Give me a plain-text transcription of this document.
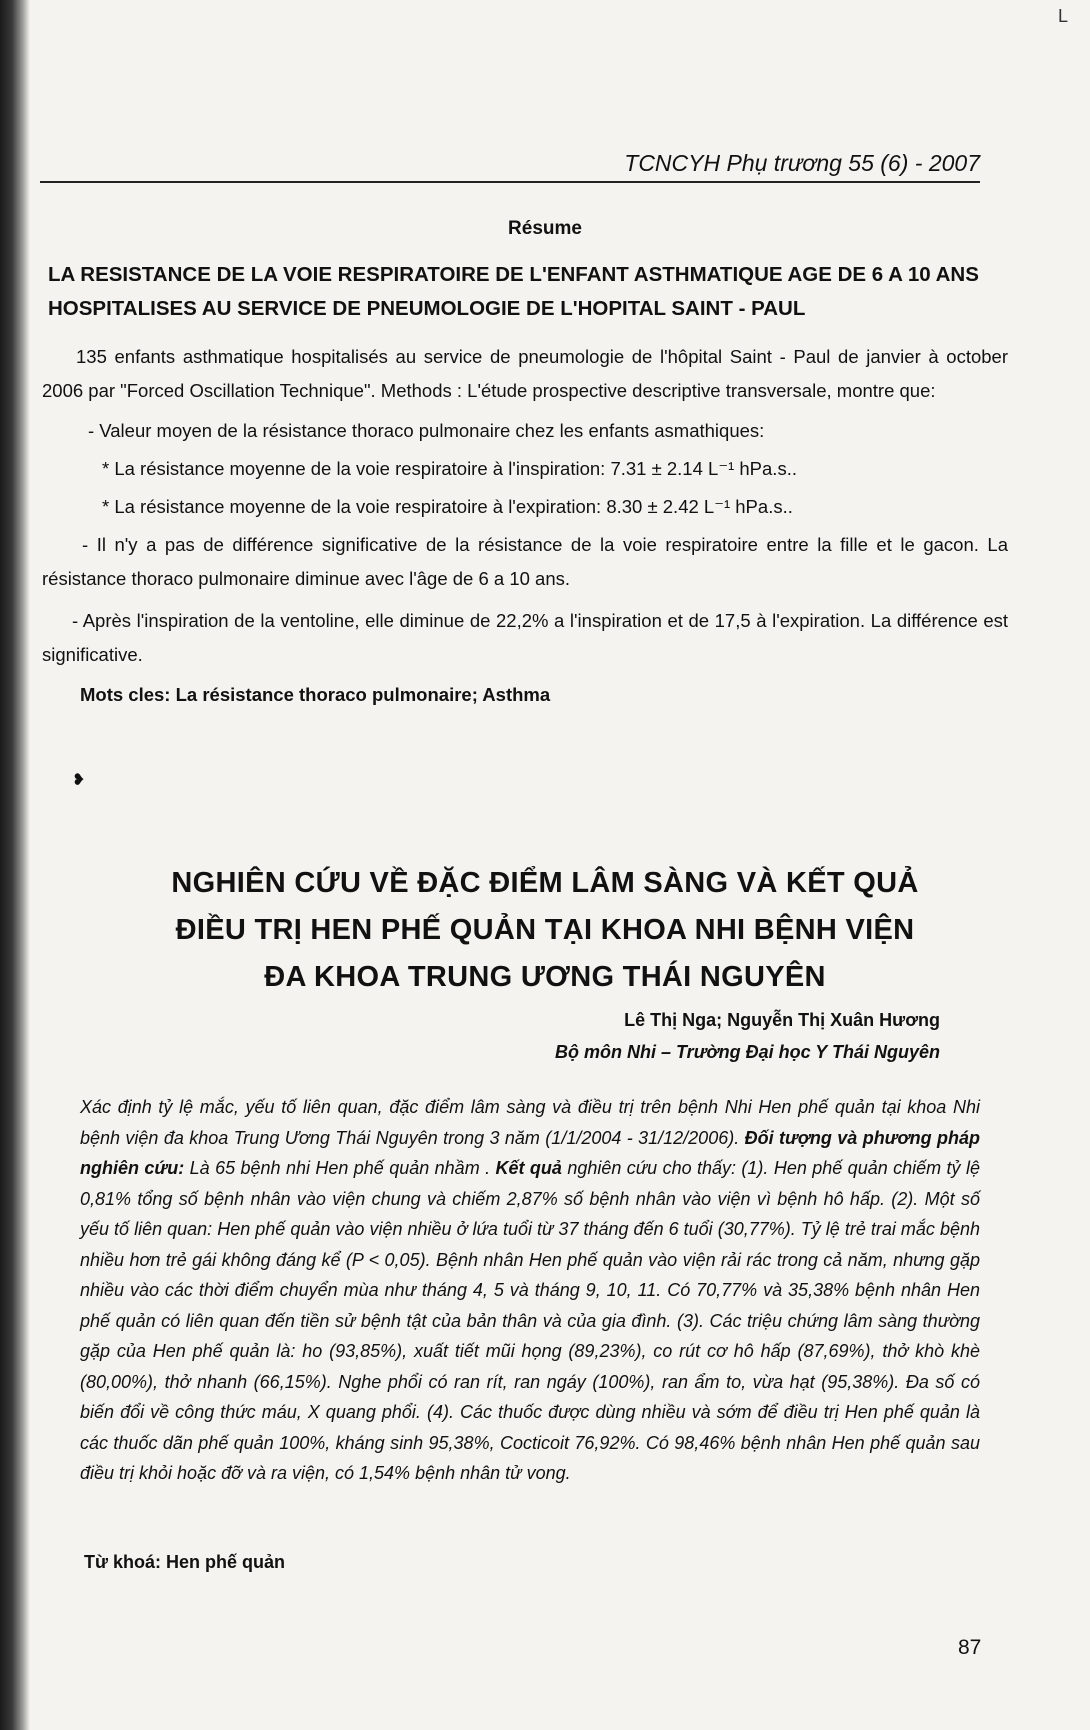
L
TCNCYH Phụ trương 55 (6) - 2007
Résume

LA RESISTANCE DE LA VOIE RESPIRATOIRE DE L'ENFANT ASTHMATIQUE AGE DE 6 A 10 ANS HOSPITALISES AU SERVICE DE PNEUMOLOGIE DE L'HOPITAL SAINT - PAUL

135 enfants asthmatique hospitalisés au service de pneumologie de l'hôpital Saint - Paul de janvier à october 2006 par "Forced Oscillation Technique". Methods : L'étude prospective descriptive transversale, montre que:

- Valeur moyen de la résistance thoraco pulmonaire chez les enfants asmathiques:

* La résistance moyenne de la voie respiratoire à l'inspiration: 7.31 ± 2.14 L⁻¹ hPa.s..

* La résistance moyenne de la voie respiratoire à l'expiration: 8.30 ± 2.42 L⁻¹ hPa.s..

- Il n'y a pas de différence significative de la résistance de la voie respiratoire entre la fille et le gacon. La résistance thoraco pulmonaire diminue avec l'âge de 6 a 10 ans.

- Après l'inspiration de la ventoline, elle diminue de 22,2% a l'inspiration et de 17,5 à l'expiration. La différence est significative.

Mots cles: La résistance thoraco pulmonaire; Asthma

❥
NGHIÊN CỨU VỀ ĐẶC ĐIỂM LÂM SÀNG VÀ KẾT QUẢ
ĐIỀU TRỊ HEN PHẾ QUẢN TẠI KHOA NHI BỆNH VIỆN
ĐA KHOA TRUNG ƯƠNG THÁI NGUYÊN
Lê Thị Nga; Nguyễn Thị Xuân Hương
Bộ môn Nhi – Trường Đại học Y Thái Nguyên

Xác định tỷ lệ mắc, yếu tố liên quan, đặc điểm lâm sàng và điều trị trên bệnh Nhi Hen phế quản tại khoa Nhi bệnh viện đa khoa Trung Ương Thái Nguyên trong 3 năm (1/1/2004 - 31/12/2006). Đối tượng và phương pháp nghiên cứu: Là 65 bệnh nhi Hen phế quản nhầm . Kết quả nghiên cứu cho thấy: (1). Hen phế quản chiếm tỷ lệ 0,81% tổng số bệnh nhân vào viện chung và chiếm 2,87% số bệnh nhân vào viện vì bệnh hô hấp. (2). Một số yếu tố liên quan: Hen phế quản vào viện nhiều ở lứa tuổi từ 37 tháng đến 6 tuổi (30,77%). Tỷ lệ trẻ trai mắc bệnh nhiều hơn trẻ gái không đáng kể (P < 0,05). Bệnh nhân Hen phế quản vào viện rải rác trong cả năm, nhưng gặp nhiều vào các thời điểm chuyển mùa như tháng 4, 5 và tháng 9, 10, 11. Có 70,77% và 35,38% bệnh nhân Hen phế quản có liên quan đến tiền sử bệnh tật của bản thân và của gia đình. (3). Các triệu chứng lâm sàng thường gặp của Hen phế quản là: ho (93,85%), xuất tiết mũi họng (89,23%), co rút cơ hô hấp (87,69%), thở khò khè (80,00%), thở nhanh (66,15%). Nghe phổi có ran rít, ran ngáy (100%), ran ẩm to, vừa hạt (95,38%). Đa số có biến đổi về công thức máu, X quang phổi. (4). Các thuốc được dùng nhiều và sớm để điều trị Hen phế quản là các thuốc dãn phế quản 100%, kháng sinh 95,38%, Cocticoit 76,92%. Có 98,46% bệnh nhân Hen phế quản sau điều trị khỏi hoặc đỡ và ra viện, có 1,54% bệnh nhân tử vong.

Từ khoá: Hen phế quản
87
